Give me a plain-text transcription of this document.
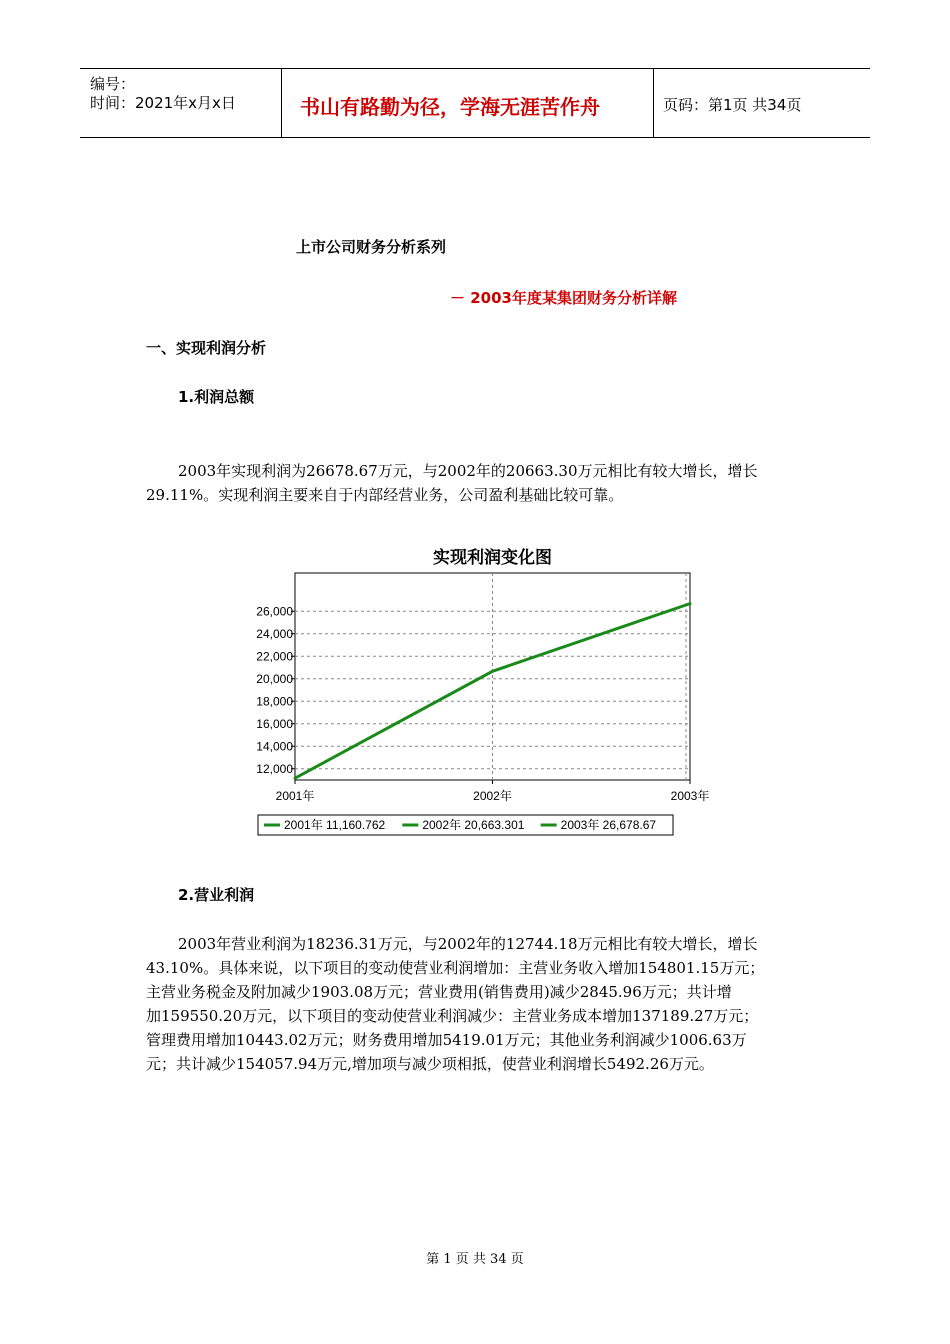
编号：
时间：2021年x月x日	书山有路勤为径，学海无涯苦作舟	页码：第1页 共34页
上市公司财务分析系列
－ 2003年度某集团财务分析详解
一、实现利润分析
1.利润总额
2003年实现利润为26678.67万元，与2002年的20663.30万元相比有较大增长，增长
29.11%。实现利润主要来自于内部经营业务，公司盈利基础比较可靠。
实现利润变化图
12,000
14,000
16,000
18,000
20,000
22,000
24,000
26,000
2001年	2002年	2003年
2001年 11,160.762	2002年 20,663.301	2003年 26,678.67
2.营业利润
2003年营业利润为18236.31万元，与2002年的12744.18万元相比有较大增长，增长
43.10%。具体来说，以下项目的变动使营业利润增加：主营业务收入增加154801.15万元；
主营业务税金及附加减少1903.08万元；营业费用(销售费用)减少2845.96万元；共计增
加159550.20万元，以下项目的变动使营业利润减少：主营业务成本增加137189.27万元；
管理费用增加10443.02万元；财务费用增加5419.01万元；其他业务利润减少1006.63万
元；共计减少154057.94万元,增加项与减少项相抵，使营业利润增长5492.26万元。
第 1 页 共 34 页
